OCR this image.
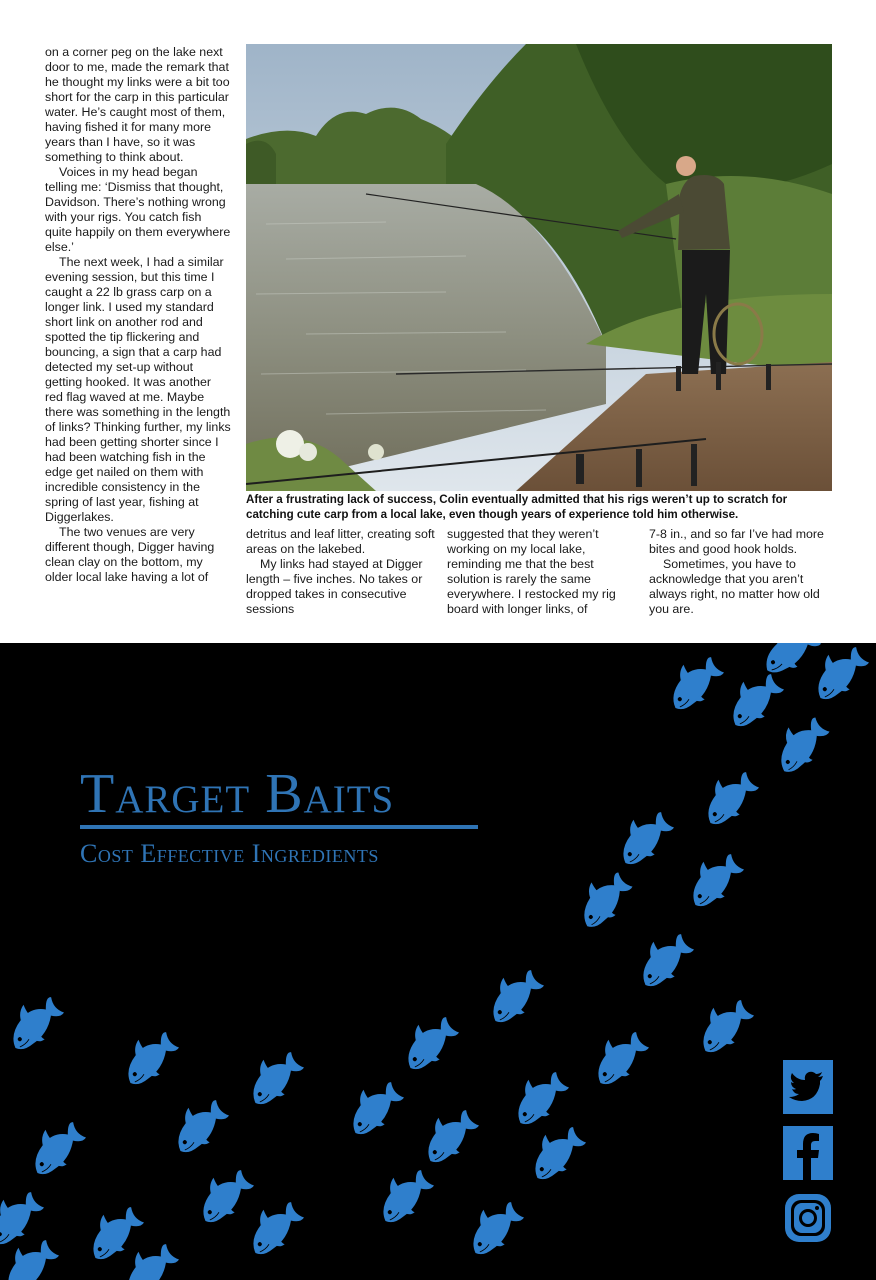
on a corner peg on the lake next door to me, made the remark that he thought my links were a bit too short for the carp in this particular water. He’s caught most of them, having fished it for many more years than I have, so it was something to think about.

Voices in my head began telling me: ‘Dismiss that thought, Davidson. There’s nothing wrong with your rigs. You catch fish quite happily on them everywhere else.’

The next week, I had a similar evening session, but this time I caught a 22 lb grass carp on a longer link. I used my standard short link on another rod and spotted the tip flickering and bouncing, a sign that a carp had detected my set-up without getting hooked. It was another red flag waved at me. Maybe there was something in the length of links? Thinking further, my links had been getting shorter since I had been watching fish in the edge get nailed on them with incredible consistency in the spring of last year, fishing at Diggerlakes.

The two venues are very different though, Digger having clean clay on the bottom, my older local lake having a lot of

After a frustrating lack of success, Colin eventually admitted that his rigs weren’t up to scratch for catching cute carp from a local lake, even though years of experience told him otherwise.

detritus and leaf litter, creating soft areas on the lakebed.

My links had stayed at Digger length – five inches. No takes or dropped takes in consecutive sessions

suggested that they weren’t working on my local lake, reminding me that the best solution is rarely the same everywhere. I restocked my rig board with longer links, of

7-8 in., and so far I’ve had more bites and good hook holds.

Sometimes, you have to acknowledge that you aren’t always right, no matter how old you are.

Target Baits
Cost Effective Ingredients
